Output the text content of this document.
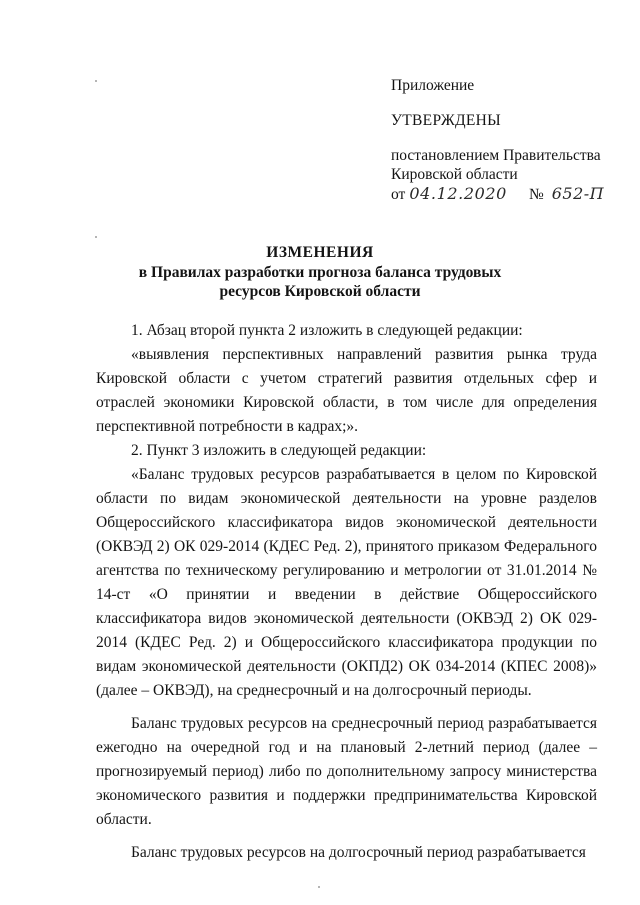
Приложение
УТВЕРЖДЕНЫ
постановлением Правительства
Кировской области
от 04.12.2020 № 652-П
ИЗМЕНЕНИЯ
в Правилах разработки прогноза баланса трудовых
ресурсов Кировской области

1. Абзац второй пункта 2 изложить в следующей редакции:

«выявления перспективных направлений развития рынка труда Кировской области с учетом стратегий развития отдельных сфер и отраслей экономики Кировской области, в том числе для определения перспективной потребности в кадрах;».

2. Пункт 3 изложить в следующей редакции:

«Баланс трудовых ресурсов разрабатывается в целом по Кировской области по видам экономической деятельности на уровне разделов Общероссийского классификатора видов экономической деятельности (ОКВЭД 2) ОК 029-2014 (КДЕС Ред. 2), принятого приказом Федерального агентства по техническому регулированию и метрологии от 31.01.2014 № 14-ст «О принятии и введении в действие Общероссийского классификатора видов экономической деятельности (ОКВЭД 2) ОК 029-2014 (КДЕС Ред. 2) и Общероссийского классификатора продукции по видам экономической деятельности (ОКПД2) ОК 034-2014 (КПЕС 2008)» (далее – ОКВЭД), на среднесрочный и на долгосрочный периоды.

Баланс трудовых ресурсов на среднесрочный период разрабатывается ежегодно на очередной год и на плановый 2-летний период (далее – прогнозируемый период) либо по дополнительному запросу министерства экономического развития и поддержки предпринимательства Кировской области.

Баланс трудовых ресурсов на долгосрочный период разрабатывается
